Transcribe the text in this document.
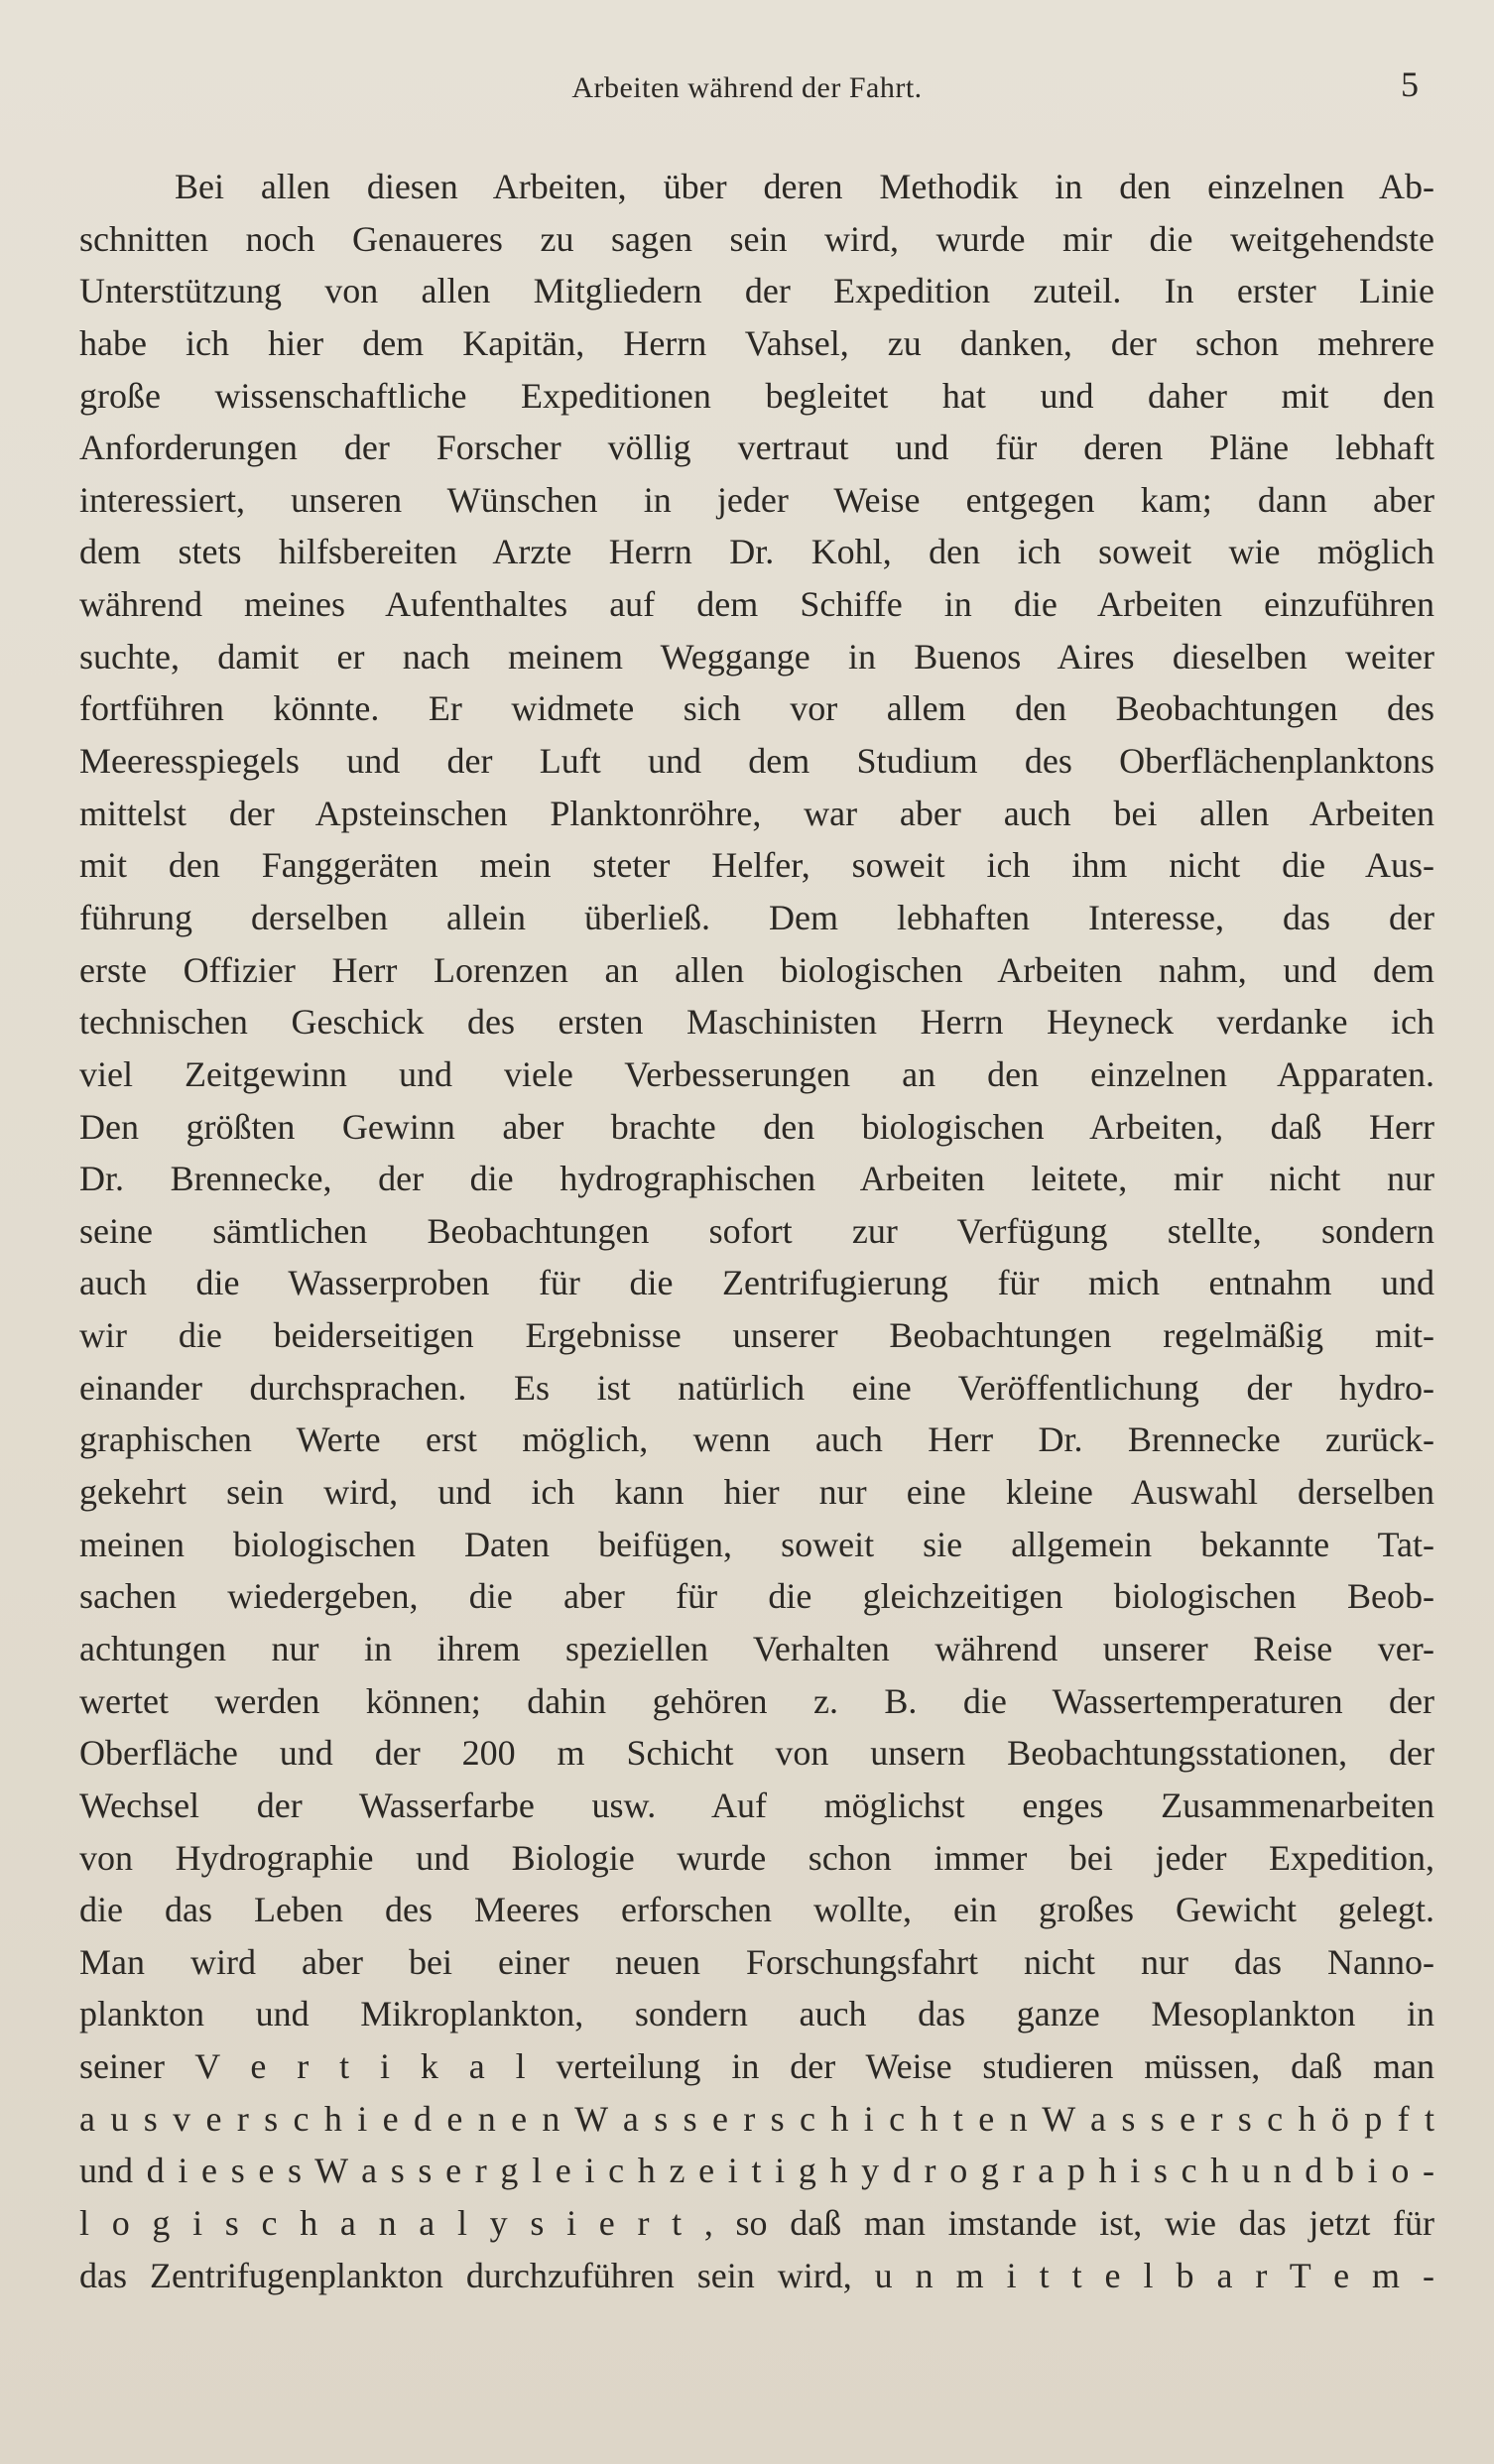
Arbeiten während der Fahrt.	5
Bei allen diesen Arbeiten, über deren Methodik in den einzelnen Ab-
schnitten noch Genaueres zu sagen sein wird, wurde mir die weitgehendste
Unterstützung von allen Mitgliedern der Expedition zuteil. In erster Linie
habe ich hier dem Kapitän, Herrn Vahsel, zu danken, der schon mehrere
große wissenschaftliche Expeditionen begleitet hat und daher mit den
Anforderungen der Forscher völlig vertraut und für deren Pläne lebhaft
interessiert, unseren Wünschen in jeder Weise entgegen kam; dann aber
dem stets hilfsbereiten Arzte Herrn Dr. Kohl, den ich soweit wie möglich
während meines Aufenthaltes auf dem Schiffe in die Arbeiten einzuführen
suchte, damit er nach meinem Weggange in Buenos Aires dieselben weiter
fortführen könnte. Er widmete sich vor allem den Beobachtungen des
Meeresspiegels und der Luft und dem Studium des Oberflächenplanktons
mittelst der Apsteinschen Planktonröhre, war aber auch bei allen Arbeiten
mit den Fanggeräten mein steter Helfer, soweit ich ihm nicht die Aus-
führung derselben allein überließ. Dem lebhaften Interesse, das der
erste Offizier Herr Lorenzen an allen biologischen Arbeiten nahm, und dem
technischen Geschick des ersten Maschinisten Herrn Heyneck verdanke ich
viel Zeitgewinn und viele Verbesserungen an den einzelnen Apparaten.
Den größten Gewinn aber brachte den biologischen Arbeiten, daß Herr
Dr. Brennecke, der die hydrographischen Arbeiten leitete, mir nicht nur
seine sämtlichen Beobachtungen sofort zur Verfügung stellte, sondern
auch die Wasserproben für die Zentrifugierung für mich entnahm und
wir die beiderseitigen Ergebnisse unserer Beobachtungen regelmäßig mit-
einander durchsprachen. Es ist natürlich eine Veröffentlichung der hydro-
graphischen Werte erst möglich, wenn auch Herr Dr. Brennecke zurück-
gekehrt sein wird, und ich kann hier nur eine kleine Auswahl derselben
meinen biologischen Daten beifügen, soweit sie allgemein bekannte Tat-
sachen wiedergeben, die aber für die gleichzeitigen biologischen Beob-
achtungen nur in ihrem speziellen Verhalten während unserer Reise ver-
wertet werden können; dahin gehören z. B. die Wassertemperaturen der
Oberfläche und der 200 m Schicht von unsern Beobachtungsstationen, der
Wechsel der Wasserfarbe usw. Auf möglichst enges Zusammenarbeiten
von Hydrographie und Biologie wurde schon immer bei jeder Expedition,
die das Leben des Meeres erforschen wollte, ein großes Gewicht gelegt.
Man wird aber bei einer neuen Forschungsfahrt nicht nur das Nanno-
plankton und Mikroplankton, sondern auch das ganze Mesoplankton in
seiner V e r t i k a l verteilung in der Weise studieren müssen, daß man
a u s v e r s c h i e d e n e n W a s s e r s c h i c h t e n W a s s e r s c h ö p f t
und d i e s e s W a s s e r g l e i c h z e i t i g h y d r o g r a p h i s c h u n d b i o -
l o g i s c h a n a l y s i e r t , so daß man imstande ist, wie das jetzt für
das Zentrifugenplankton durchzuführen sein wird, u n m i t t e l b a r T e m -
